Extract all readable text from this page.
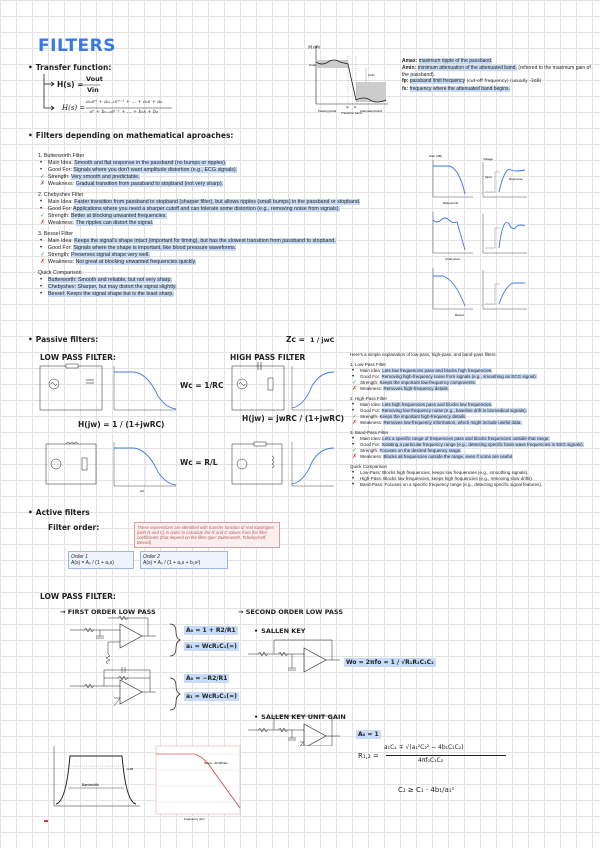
FILTERS
• Transfer function:
H(s) =
Vout
Vin
H(s) =
aₘsᵐ + aₘ₋₁sᵐ⁻¹ + ... + a₁s + a₀
sⁿ + bₙ₋₁sⁿ⁻¹ + ... + b₁s + b₀
|H| (dB)
Amax
Amin
fp fs
Passing band Transition band
Attenuated band
Amax: maximum ripple of the passband.
Amin: minimum attenuation of the attenuated band. (referred to the maximum gain of the passband).
fp: passband limit frequency (cut-off frequency) (usually -3dB)
fs: frequency where the attenuated band begins.
• Filters depending on mathematical aproaches:
1. Butterworth Filter
• Main Idea: Smooth and flat response in the passband (no bumps or ripples).
• Good For: Signals where you don't want amplitude distortion (e.g., ECG signals).
✓ Strength: Very smooth and predictable.
✗ Weakness: Gradual transition from passband to stopband (not very sharp).
2. Chebyshev Filter
• Main Idea: Faster transition from passband to stopband (sharper filter), but allows ripples (small bumps) in the passband or stopband.
• Good For: Applications where you need a sharper cutoff and can tolerate some distortion (e.g., removing noise from signals).
✓ Strength: Better at blocking unwanted frequencies.
✗ Weakness: The ripples can distort the signal.
3. Bessel Filter
• Main Idea: Keeps the signal's shape intact (important for timing), but has the slowest transition from passband to stopband.
• Good For: Signals where the shape is important, like blood pressure waveforms.
✓ Strength: Preserves signal shape very well.
✗ Weakness: Not great at blocking unwanted frequencies quickly.
Quick Comparison
• Butterworth: Smooth and reliable, but not very sharp.
• Chebyshev: Sharper, but may distort the signal slightly.
• Bessel: Keeps the signal shape but is the least sharp.
Gain (dB)
Butterworth
Voltage
Input	Response
Chebyshev
Bessel
• Passive filters:	Zc = 1 / jwC
LOW PASS FILTER:	HIGH PASS FILTER
w0
Wc = 1/RC
H(jw) = 1 / (1+jwRC)
H(jw) = jwRC / (1+jwRC)
Wc = R/L
Here's a simple explanation of low-pass, high-pass, and band-pass filters:
1. Low-Pass Filter
• Main Idea: Lets low frequencies pass and blocks high frequencies.
• Good For: Removing high-frequency noise from signals (e.g., smoothing an ECG signal).
✓ Strength: Keeps the important low-frequency components.
✗ Weakness: Removes high-frequency details.
2. High-Pass Filter
• Main Idea: Lets high frequencies pass and blocks low frequencies.
• Good For: Removing low-frequency noise (e.g., baseline drift in biomedical signals).
✓ Strength: Keeps the important high-frequency details.
✗ Weakness: Removes low-frequency information, which might include useful data.
3. Band-Pass Filter
• Main Idea: Lets a specific range of frequencies pass and blocks frequencies outside that range.
• Good For: Isolating a particular frequency range (e.g., detecting specific brain wave frequencies in EEG signals).
✓ Strength: Focuses on the desired frequency range.
✗ Weakness: Blocks all frequencies outside the range, even if some are useful.
Quick Comparison
• Low-Pass: Blocks high frequencies, keeps low frequencies (e.g., smoothing signals).
• High-Pass: Blocks low frequencies, keeps high frequencies (e.g., removing slow drifts).
• Band-Pass: Focuses on a specific frequency range (e.g., detecting specific signal features).
• Active filters
Filter order:	These expressions are identified with transfer function of real topologies (with R and C) in order to calculate the R and C values from the filter coefficients (that depend on the filter type: Butterworth, Tchebycheff, Bessel)
Order 1
A(s) = A₀ / (1 + a₁s)
Order 2
A(s) = A₀ / (1 + a₁s + b₁s²)
LOW PASS FILTER:
→ FIRST ORDER LOW PASS	→ SECOND ORDER LOW PASS
• SALLEN KEY
• SALLEN KEY UNIT GAIN
A₀ = 1 + R2/R1
a₁ = WcR₁C₁(=)
A₀ = −R2/R1
a₁ = WcR₂C₁(=)
Wo = 2πfo = 1 / √R₁R₂C₁C₂
A₀ = 1
R₁,₂ =
a₁C₂ ∓ √(a₁²C₂² − 4b₁C₁C₂)
4πf₀C₁C₂
C₂ ≥ C₁ · 4b₁/a₁²
Bandwidth
-3 dB
Slope: -20 dB/dec
Frequency (Hz)
